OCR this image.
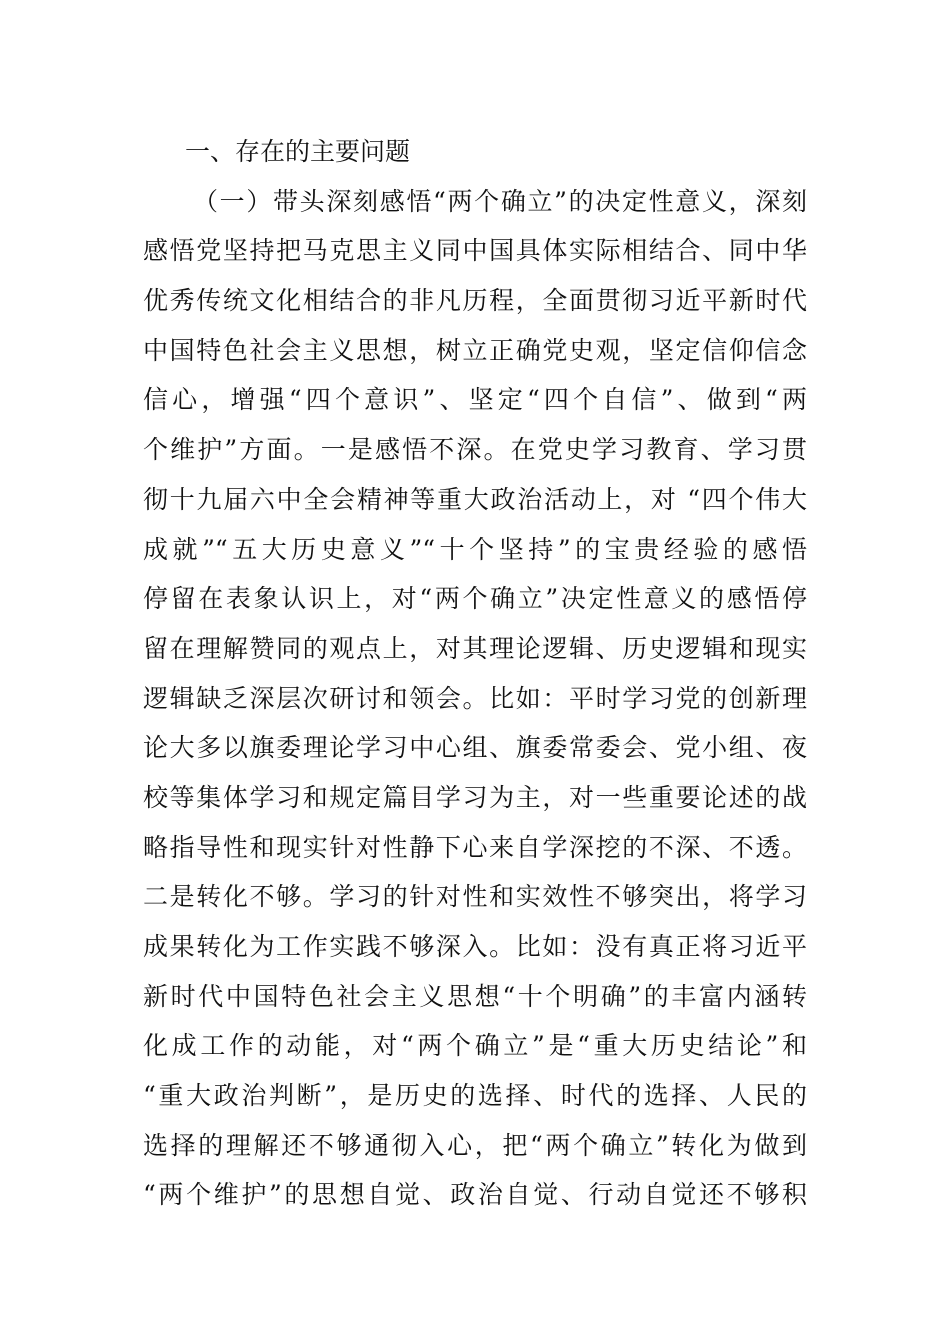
一、存在的主要问题
（一）带头深刻感悟“两个确立”的决定性意义，深刻
感悟党坚持把马克思主义同中国具体实际相结合、同中华
优秀传统文化相结合的非凡历程，全面贯彻习近平新时代
中国特色社会主义思想，树立正确党史观，坚定信仰信念
信心，增强“四个意识”、坚定“四个自信”、做到“两
个维护”方面。一是感悟不深。在党史学习教育、学习贯
彻十九届六中全会精神等重大政治活动上，对 “四个伟大
成就”“五大历史意义”“十个坚持”的宝贵经验的感悟
停留在表象认识上，对“两个确立”决定性意义的感悟停
留在理解赞同的观点上，对其理论逻辑、历史逻辑和现实
逻辑缺乏深层次研讨和领会。比如：平时学习党的创新理
论大多以旗委理论学习中心组、旗委常委会、党小组、夜
校等集体学习和规定篇目学习为主，对一些重要论述的战
略指导性和现实针对性静下心来自学深挖的不深、不透。
二是转化不够。学习的针对性和实效性不够突出，将学习
成果转化为工作实践不够深入。比如：没有真正将习近平
新时代中国特色社会主义思想“十个明确”的丰富内涵转
化成工作的动能，对“两个确立”是“重大历史结论”和
“重大政治判断”，是历史的选择、时代的选择、人民的
选择的理解还不够通彻入心，把“两个确立”转化为做到
“两个维护”的思想自觉、政治自觉、行动自觉还不够积
